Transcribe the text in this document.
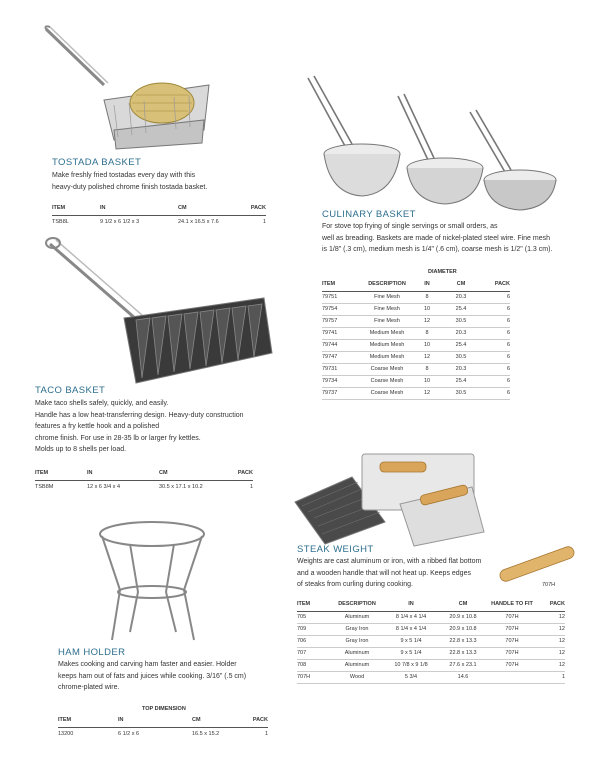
TOSTADA BASKET
Make freshly fried tostadas every day with this
heavy-duty polished chrome finish tostada basket.
ITEM	IN	CM	PACK
TSB8L	9 1/2 x 6 1/2 x 3	24.1 x 16.5 x 7.6	1
CULINARY BASKET
For stove top frying of single servings or small orders, as
well as breading. Baskets are made of nickel-plated steel wire. Fine mesh
is 1/8" (.3 cm), medium mesh is 1/4" (.6 cm), coarse mesh is 1/2" (1.3 cm).
DIAMETER
ITEM	DESCRIPTION	IN	CM	PACK
79751	Fine Mesh	8	20.3	6
79754	Fine Mesh	10	25.4	6
79757	Fine Mesh	12	30.5	6
79741	Medium Mesh	8	20.3	6
79744	Medium Mesh	10	25.4	6
79747	Medium Mesh	12	30.5	6
79731	Coarse Mesh	8	20.3	6
79734	Coarse Mesh	10	25.4	6
79737	Coarse Mesh	12	30.5	6
TACO BASKET
Make taco shells safely, quickly, and easily.
Handle has a low heat-transferring design. Heavy-duty construction
features a fry kettle hook and a polished
chrome finish. For use in 28-35 lb or larger fry kettles.
Molds up to 8 shells per load.
ITEM	IN	CM	PACK
TSB8M	12 x 6 3/4 x 4	30.5 x 17.1 x 10.2	1
STEAK WEIGHT
Weights are cast aluminum or iron, with a ribbed flat bottom
and a wooden handle that will not heat up. Keeps edges
of steaks from curling during cooking.	707H
ITEM	DESCRIPTION	IN	CM	HANDLE TO FIT	PACK
705	Aluminum	8 1/4 x 4 1/4	20.9 x 10.8	707H	12
709	Gray Iron	8 1/4 x 4 1/4	20.9 x 10.8	707H	12
706	Gray Iron	9 x 5 1/4	22.8 x 13.3	707H	12
707	Aluminum	9 x 5 1/4	22.8 x 13.3	707H	12
708	Aluminum	10 7/8 x 9 1/8	27.6 x 23.1	707H	12
707H	Wood	5 3/4	14.6		1
HAM HOLDER
Makes cooking and carving ham faster and easier. Holder
keeps ham out of fats and juices while cooking. 3/16" (.5 cm)
chrome-plated wire.
TOP DIMENSION
ITEM	IN	CM	PACK
13200	6 1/2 x 6	16.5 x 15.2	1
